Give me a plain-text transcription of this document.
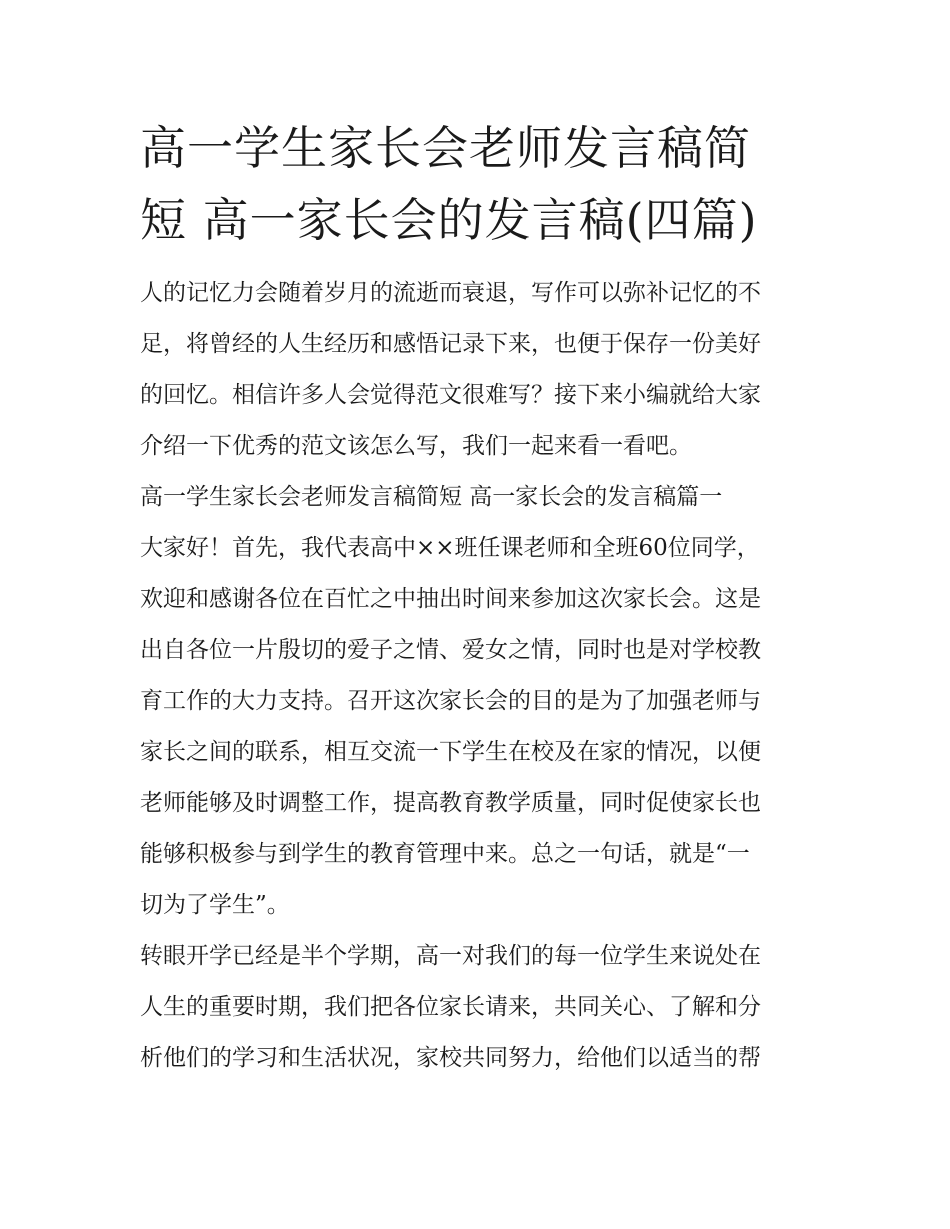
高一学生家长会老师发言稿简
短 高一家长会的发言稿(四篇)

人的记忆力会随着岁月的流逝而衰退，写作可以弥补记忆的不
足，将曾经的人生经历和感悟记录下来，也便于保存一份美好
的回忆。相信许多人会觉得范文很难写？接下来小编就给大家
介绍一下优秀的范文该怎么写，我们一起来看一看吧。

高一学生家长会老师发言稿简短 高一家长会的发言稿篇一

大家好！首先，我代表高中××班任课老师和全班60位同学，
欢迎和感谢各位在百忙之中抽出时间来参加这次家长会。这是
出自各位一片殷切的爱子之情、爱女之情，同时也是对学校教
育工作的大力支持。召开这次家长会的目的是为了加强老师与
家长之间的联系，相互交流一下学生在校及在家的情况，以便
老师能够及时调整工作，提高教育教学质量，同时促使家长也
能够积极参与到学生的教育管理中来。总之一句话，就是“一
切为了学生”。

转眼开学已经是半个学期，高一对我们的每一位学生来说处在
人生的重要时期，我们把各位家长请来，共同关心、了解和分
析他们的学习和生活状况，家校共同努力，给他们以适当的帮
